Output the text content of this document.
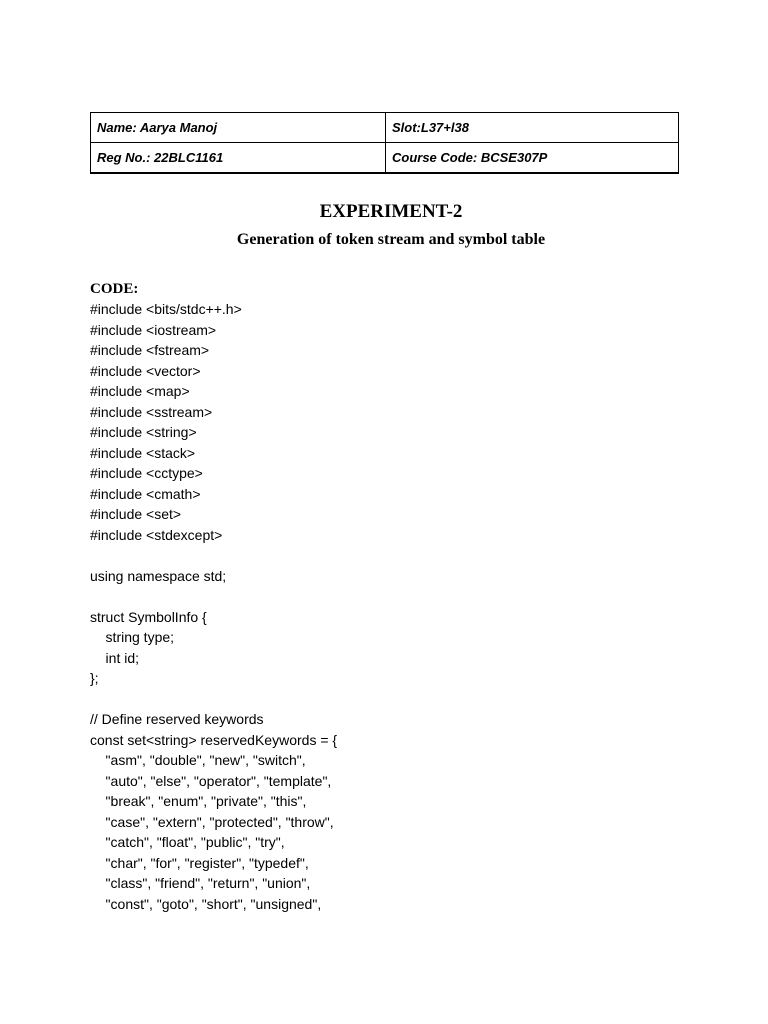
Name: Aarya Manoj	Slot:L37+l38
Reg No.: 22BLC1161	Course Code: BCSE307P
EXPERIMENT-2
Generation of token stream and symbol table
CODE:
#include <bits/stdc++.h>
#include <iostream>
#include <fstream>
#include <vector>
#include <map>
#include <sstream>
#include <string>
#include <stack>
#include <cctype>
#include <cmath>
#include <set>
#include <stdexcept>
using namespace std;
struct SymbolInfo {
string type;
int id;
};
// Define reserved keywords
const set<string> reservedKeywords = {
"asm", "double", "new", "switch",
"auto", "else", "operator", "template",
"break", "enum", "private", "this",
"case", "extern", "protected", "throw",
"catch", "float", "public", "try",
"char", "for", "register", "typedef",
"class", "friend", "return", "union",
"const", "goto", "short", "unsigned",
